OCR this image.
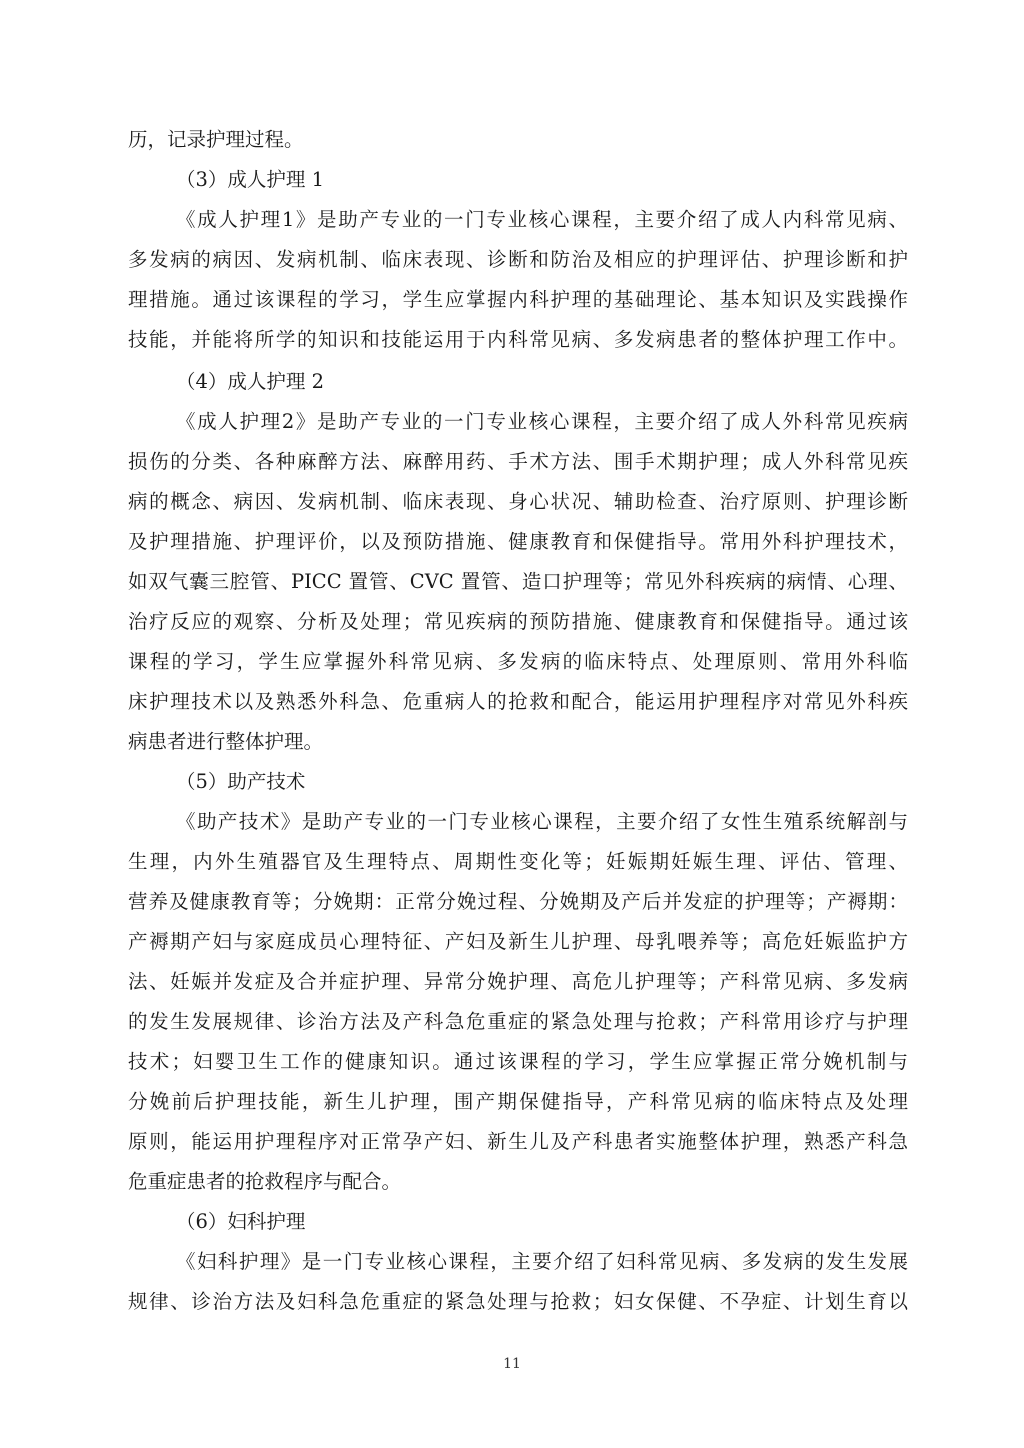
历，记录护理过程。
（3）成人护理 1
《成人护理1》是助产专业的一门专业核心课程，主要介绍了成人内科常见病、
多发病的病因、发病机制、临床表现、诊断和防治及相应的护理评估、护理诊断和护
理措施。通过该课程的学习，学生应掌握内科护理的基础理论、基本知识及实践操作
技能，并能将所学的知识和技能运用于内科常见病、多发病患者的整体护理工作中。
（4）成人护理 2
《成人护理2》是助产专业的一门专业核心课程，主要介绍了成人外科常见疾病
损伤的分类、各种麻醉方法、麻醉用药、手术方法、围手术期护理；成人外科常见疾
病的概念、病因、发病机制、临床表现、身心状况、辅助检查、治疗原则、护理诊断
及护理措施、护理评价，以及预防措施、健康教育和保健指导。常用外科护理技术，
如双气囊三腔管、PICC 置管、CVC 置管、造口护理等；常见外科疾病的病情、心理、
治疗反应的观察、分析及处理；常见疾病的预防措施、健康教育和保健指导。通过该
课程的学习，学生应掌握外科常见病、多发病的临床特点、处理原则、常用外科临
床护理技术以及熟悉外科急、危重病人的抢救和配合，能运用护理程序对常见外科疾
病患者进行整体护理。
（5）助产技术
《助产技术》是助产专业的一门专业核心课程，主要介绍了女性生殖系统解剖与
生理，内外生殖器官及生理特点、周期性变化等；妊娠期妊娠生理、评估、管理、
营养及健康教育等；分娩期：正常分娩过程、分娩期及产后并发症的护理等；产褥期：
产褥期产妇与家庭成员心理特征、产妇及新生儿护理、母乳喂养等；高危妊娠监护方
法、妊娠并发症及合并症护理、异常分娩护理、高危儿护理等；产科常见病、多发病
的发生发展规律、诊治方法及产科急危重症的紧急处理与抢救；产科常用诊疗与护理
技术；妇婴卫生工作的健康知识。通过该课程的学习，学生应掌握正常分娩机制与
分娩前后护理技能，新生儿护理，围产期保健指导，产科常见病的临床特点及处理
原则，能运用护理程序对正常孕产妇、新生儿及产科患者实施整体护理，熟悉产科急
危重症患者的抢救程序与配合。
（6）妇科护理
《妇科护理》是一门专业核心课程，主要介绍了妇科常见病、多发病的发生发展
规律、诊治方法及妇科急危重症的紧急处理与抢救；妇女保健、不孕症、计划生育以
11
